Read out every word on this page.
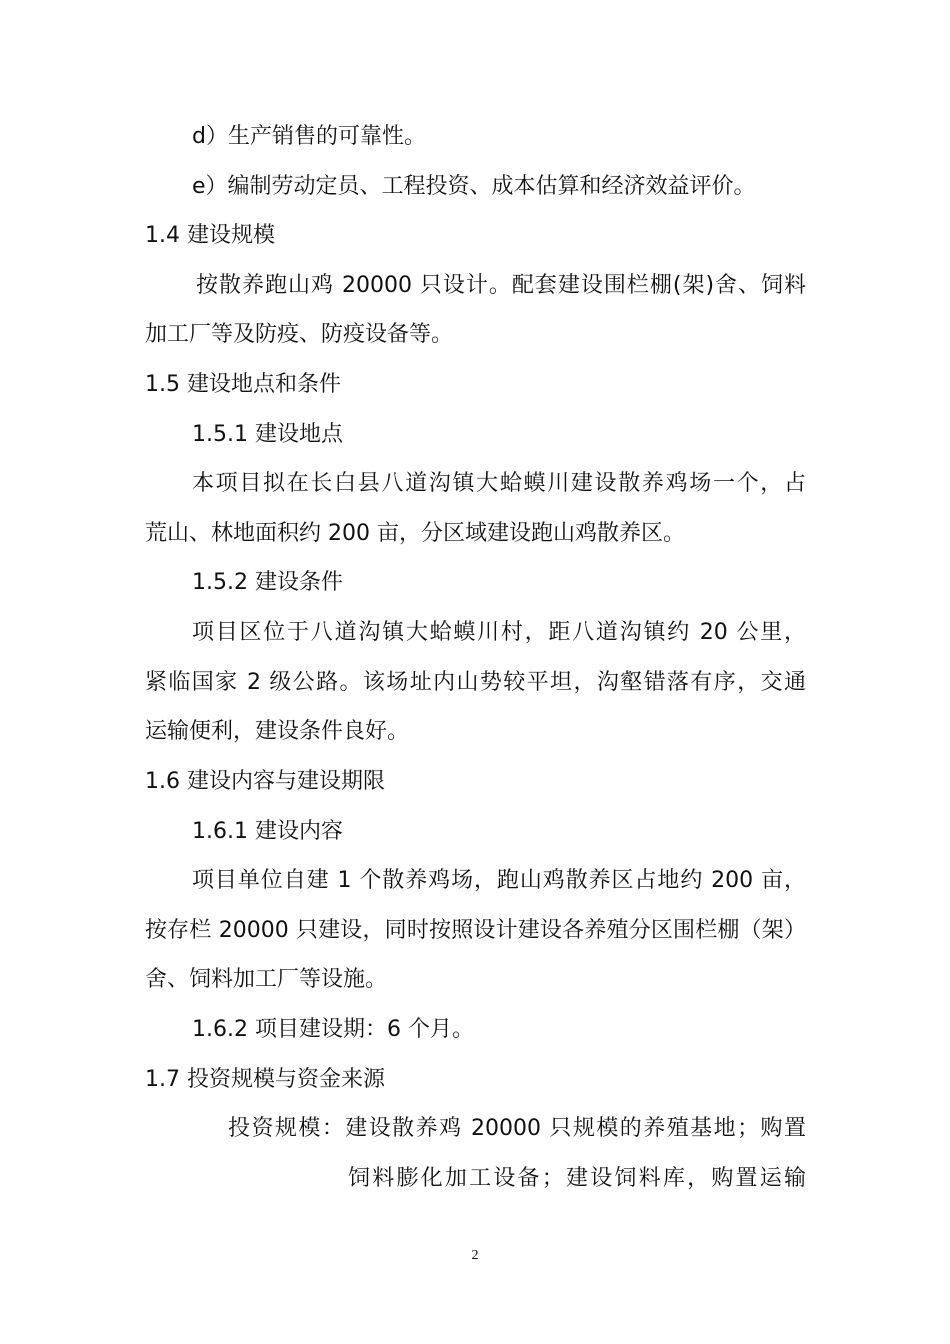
d）生产销售的可靠性。
e）编制劳动定员、工程投资、成本估算和经济效益评价。
1.4 建设规模
按散养跑山鸡 20000 只设计。配套建设围栏棚(架)舍、饲料
加工厂等及防疫、防疫设备等。
1.5 建设地点和条件
1.5.1 建设地点
本项目拟在长白县八道沟镇大蛤蟆川建设散养鸡场一个，占
荒山、林地面积约 200 亩，分区域建设跑山鸡散养区。
1.5.2 建设条件
项目区位于八道沟镇大蛤蟆川村，距八道沟镇约 20 公里，
紧临国家 2 级公路。该场址内山势较平坦，沟壑错落有序，交通
运输便利，建设条件良好。
1.6 建设内容与建设期限
1.6.1 建设内容
项目单位自建 1 个散养鸡场，跑山鸡散养区占地约 200 亩，
按存栏 20000 只建设，同时按照设计建设各养殖分区围栏棚（架）
舍、饲料加工厂等设施。
1.6.2 项目建设期：6 个月。
1.7 投资规模与资金来源
投资规模：建设散养鸡 20000 只规模的养殖基地；购置
饲料膨化加工设备；建设饲料库，购置运输
2
